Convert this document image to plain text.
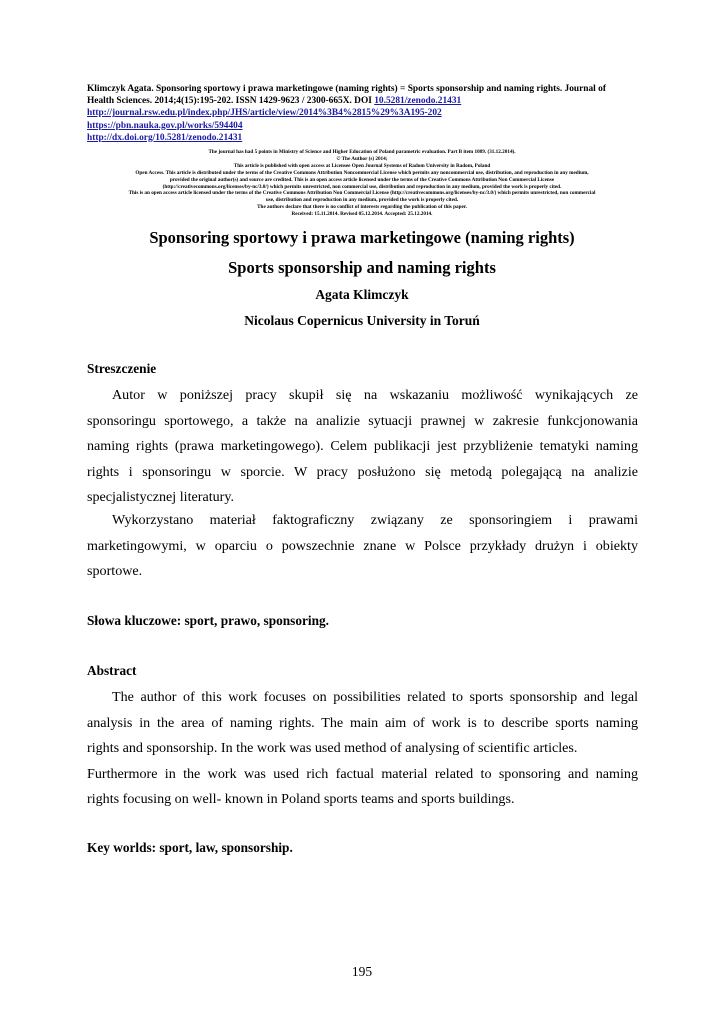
Klimczyk Agata. Sponsoring sportowy i prawa marketingowe (naming rights) = Sports sponsorship and naming rights. Journal of
Health Sciences. 2014;4(15):195-202. ISSN 1429-9623 / 2300-665X. DOI 10.5281/zenodo.21431
http://journal.rsw.edu.pl/index.php/JHS/article/view/2014%3B4%2815%29%3A195-202
https://pbn.nauka.gov.pl/works/594404
http://dx.doi.org/10.5281/zenodo.21431
The journal has had 5 points in Ministry of Science and Higher Education of Poland parametric evaluation. Part B item 1089. (31.12.2014).
© The Author (s) 2014;
This article is published with open access at Licensee Open Journal Systems of Radom University in Radom, Poland
Open Access. This article is distributed under the terms of the Creative Commons Attribution Noncommercial License which permits any noncommercial use, distribution, and reproduction in any medium,
provided the original author(s) and source are credited. This is an open access article licensed under the terms of the Creative Commons Attribution Non Commercial License
(http://creativecommons.org/licenses/by-nc/3.0/) which permits unrestricted, non commercial use, distribution and reproduction in any medium, provided the work is properly cited.
This is an open access article licensed under the terms of the Creative Commons Attribution Non Commercial License (http://creativecommons.org/licenses/by-nc/3.0/) which permits unrestricted, non commercial
use, distribution and reproduction in any medium, provided the work is properly cited.
The authors declare that there is no conflict of interests regarding the publication of this paper.
Received: 15.11.2014. Revised 05.12.2014. Accepted: 25.12.2014.
Sponsoring sportowy i prawa marketingowe (naming rights)
Sports sponsorship and naming rights
Agata Klimczyk
Nicolaus Copernicus University in Toruń
Streszczenie
Autor w poniższej pracy skupił się na wskazaniu możliwość wynikających ze
sponsoringu sportowego, a także na analizie sytuacji prawnej w zakresie funkcjonowania
naming rights (prawa marketingowego). Celem publikacji jest przybliżenie tematyki naming
rights i sponsoringu w sporcie. W pracy posłużono się metodą polegającą na analizie
specjalistycznej literatury.
Wykorzystano materiał faktograficzny związany ze sponsoringiem i prawami
marketingowymi, w oparciu o powszechnie znane w Polsce przykłady drużyn i obiekty
sportowe.
Słowa kluczowe: sport, prawo, sponsoring.
Abstract
The author of this work focuses on possibilities related to sports sponsorship and legal
analysis in the area of naming rights. The main aim of work is to describe sports naming
rights and sponsorship. In the work was used method of analysing of scientific articles.
Furthermore in the work was used rich factual material related to sponsoring and naming
rights focusing on well- known in Poland sports teams and sports buildings.
Key worlds: sport, law, sponsorship.
195
